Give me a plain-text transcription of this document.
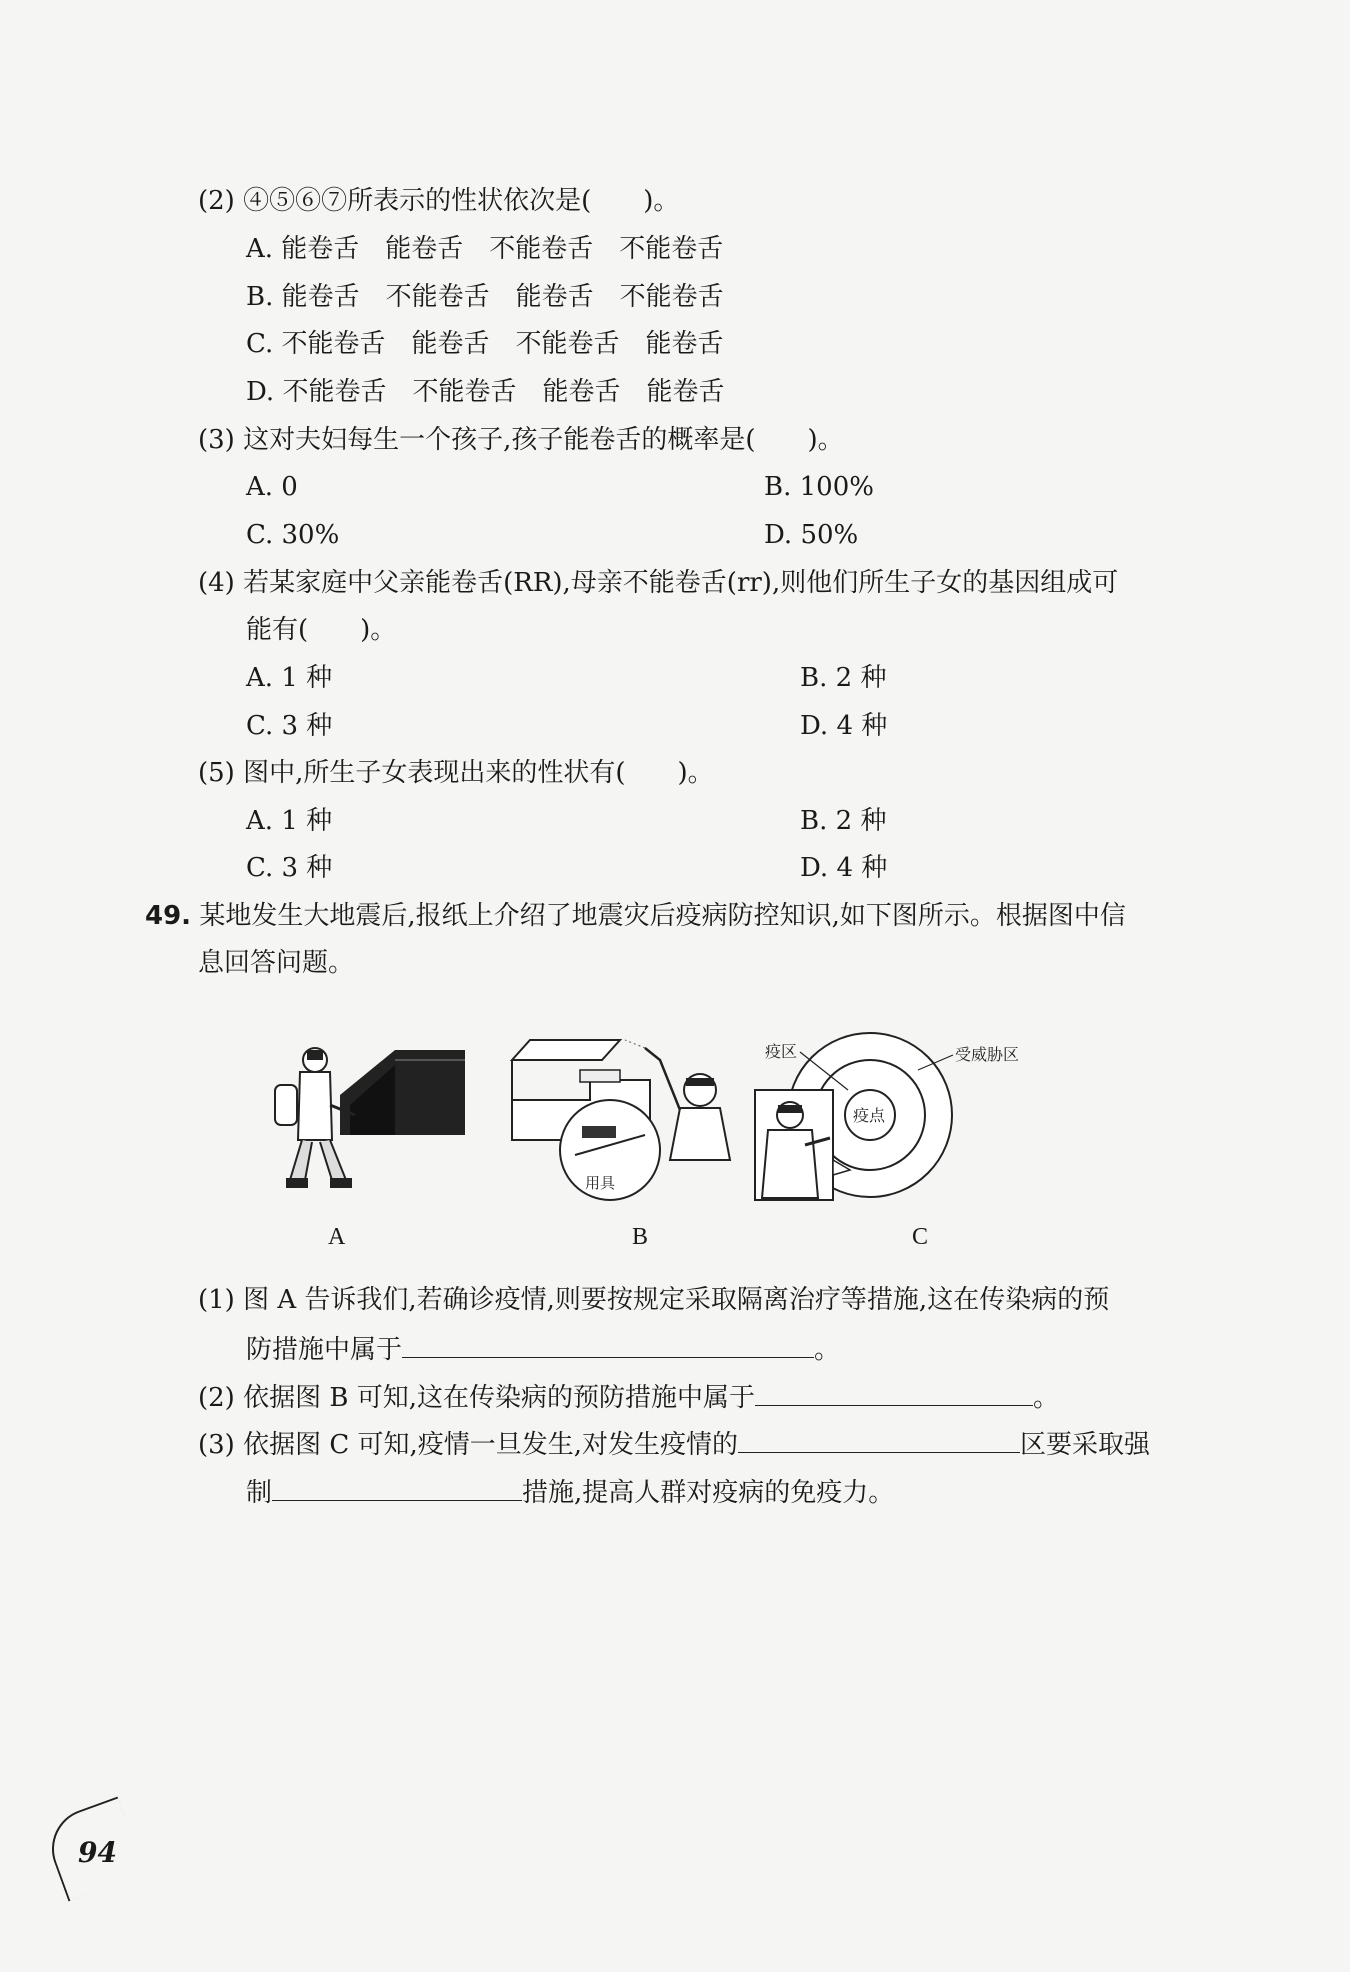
(2) ④⑤⑥⑦所表示的性状依次是(　　)。
A. 能卷舌　能卷舌　不能卷舌　不能卷舌
B. 能卷舌　不能卷舌　能卷舌　不能卷舌
C. 不能卷舌　能卷舌　不能卷舌　能卷舌
D. 不能卷舌　不能卷舌　能卷舌　能卷舌
(3) 这对夫妇每生一个孩子,孩子能卷舌的概率是(　　)。
A. 0	B. 100%
C. 30%	D. 50%
(4) 若某家庭中父亲能卷舌(RR),母亲不能卷舌(rr),则他们所生子女的基因组成可
能有(　　)。
A. 1 种	B. 2 种
C. 3 种	D. 4 种
(5) 图中,所生子女表现出来的性状有(　　)。
A. 1 种	B. 2 种
C. 3 种	D. 4 种
49. 某地发生大地震后,报纸上介绍了地震灾后疫病防控知识,如下图所示。根据图中信
息回答问题。
用具
疫点
疫区	受威胁区
A	B	C
(1) 图 A 告诉我们,若确诊疫情,则要按规定采取隔离治疗等措施,这在传染病的预
防措施中属于	。
(2) 依据图 B 可知,这在传染病的预防措施中属于	。
(3) 依据图 C 可知,疫情一旦发生,对发生疫情的	区要采取强
制	措施,提高人群对疫病的免疫力。
94
